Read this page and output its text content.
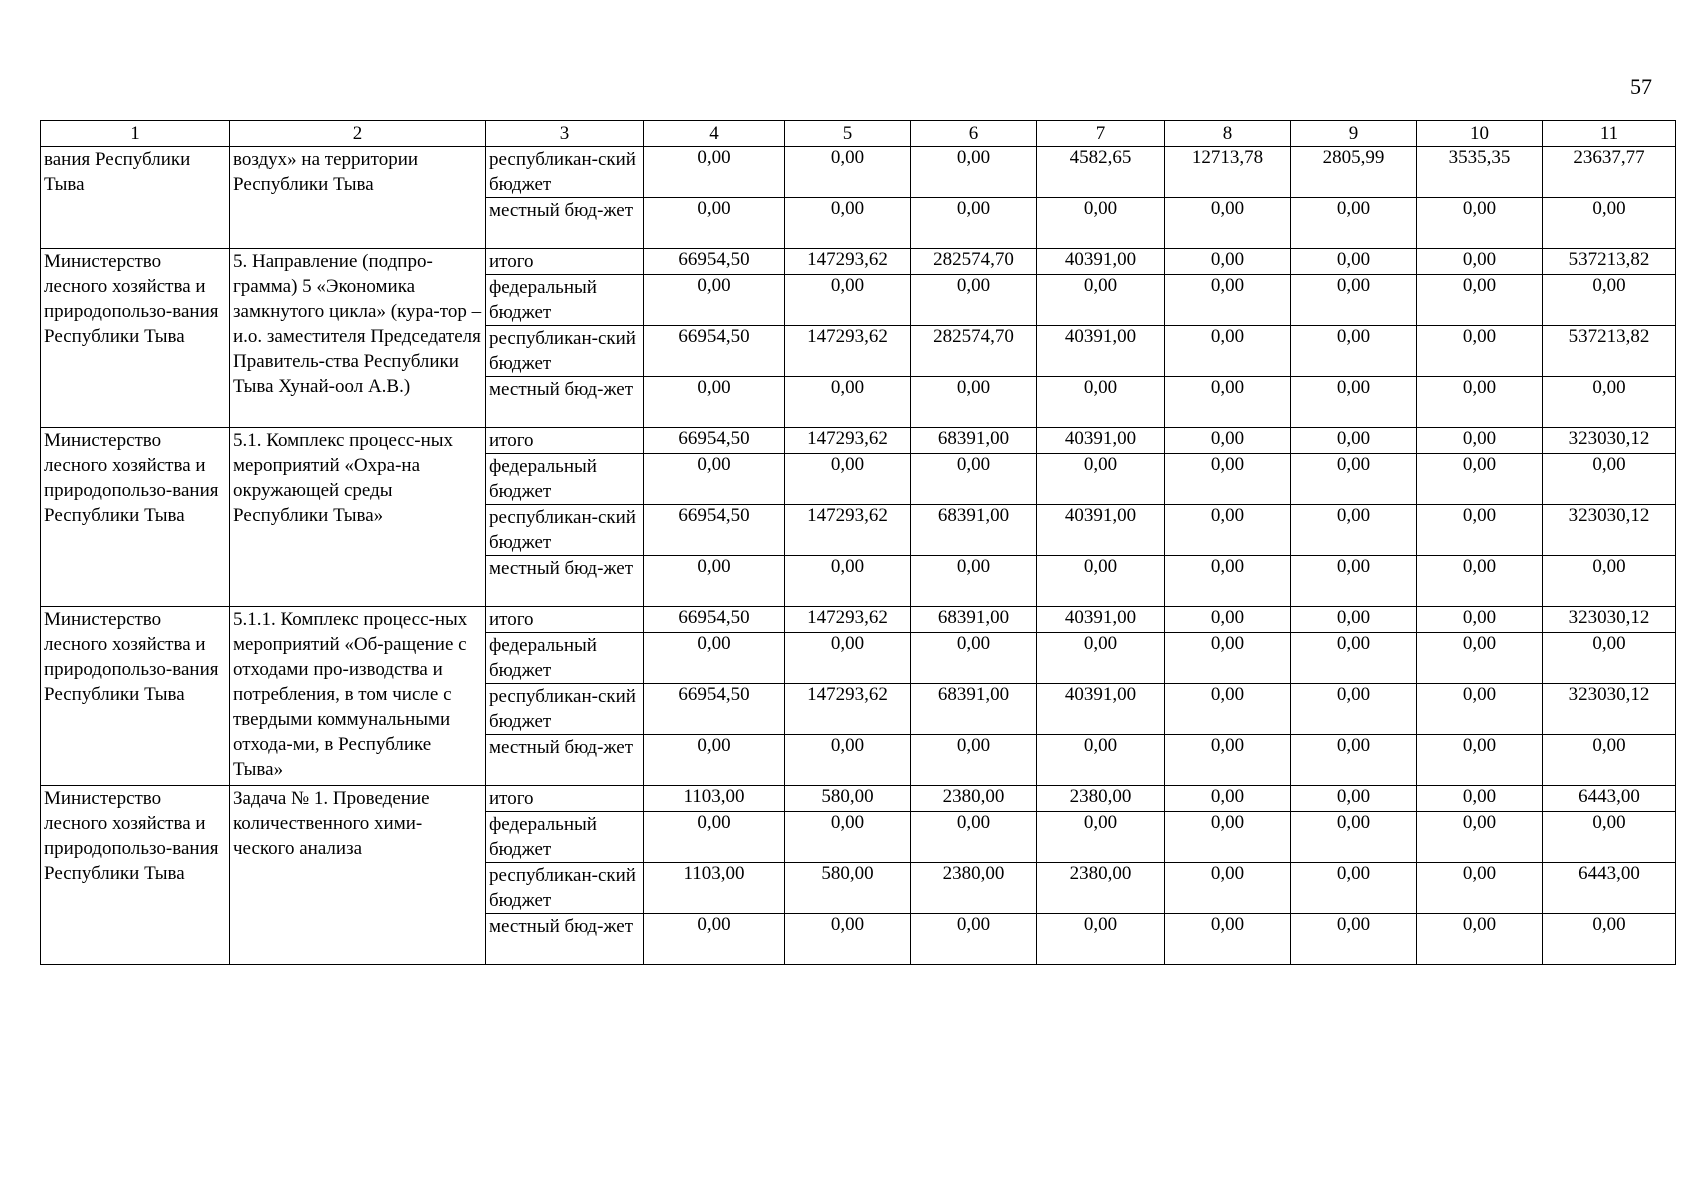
57
1	2	3	4	5	6	7	8	9	10	11
вания Республики Тыва	воздух» на территории Республики Тыва	республикан-ский бюджет	0,00	0,00	0,00	4582,65	12713,78	2805,99	3535,35	23637,77
		местный бюд-жет	0,00	0,00	0,00	0,00	0,00	0,00	0,00	0,00
Министерство лесного хозяйства и природопользо-вания Республики Тыва	5. Направление (подпро-грамма) 5 «Экономика замкнутого цикла» (кура-тор – и.о. заместителя Председателя Правитель-ства Республики Тыва Хунай-оол А.В.)	итого	66954,50	147293,62	282574,70	40391,00	0,00	0,00	0,00	537213,82
		федеральный бюджет	0,00	0,00	0,00	0,00	0,00	0,00	0,00	0,00
		республикан-ский бюджет	66954,50	147293,62	282574,70	40391,00	0,00	0,00	0,00	537213,82
		местный бюд-жет	0,00	0,00	0,00	0,00	0,00	0,00	0,00	0,00
Министерство лесного хозяйства и природопользо-вания Республики Тыва	5.1. Комплекс процесс-ных мероприятий «Охра-на окружающей среды Республики Тыва»	итого	66954,50	147293,62	68391,00	40391,00	0,00	0,00	0,00	323030,12
		федеральный бюджет	0,00	0,00	0,00	0,00	0,00	0,00	0,00	0,00
		республикан-ский бюджет	66954,50	147293,62	68391,00	40391,00	0,00	0,00	0,00	323030,12
		местный бюд-жет	0,00	0,00	0,00	0,00	0,00	0,00	0,00	0,00
Министерство лесного хозяйства и природопользо-вания Республики Тыва	5.1.1. Комплекс процесс-ных мероприятий «Об-ращение с отходами про-изводства и потребления, в том числе с твердыми коммунальными отхода-ми, в Республике Тыва»	итого	66954,50	147293,62	68391,00	40391,00	0,00	0,00	0,00	323030,12
		федеральный бюджет	0,00	0,00	0,00	0,00	0,00	0,00	0,00	0,00
		республикан-ский бюджет	66954,50	147293,62	68391,00	40391,00	0,00	0,00	0,00	323030,12
		местный бюд-жет	0,00	0,00	0,00	0,00	0,00	0,00	0,00	0,00
Министерство лесного хозяйства и природопользо-вания Республики Тыва	Задача № 1. Проведение количественного хими-ческого анализа	итого	1103,00	580,00	2380,00	2380,00	0,00	0,00	0,00	6443,00
		федеральный бюджет	0,00	0,00	0,00	0,00	0,00	0,00	0,00	0,00
		республикан-ский бюджет	1103,00	580,00	2380,00	2380,00	0,00	0,00	0,00	6443,00
		местный бюд-жет	0,00	0,00	0,00	0,00	0,00	0,00	0,00	0,00
